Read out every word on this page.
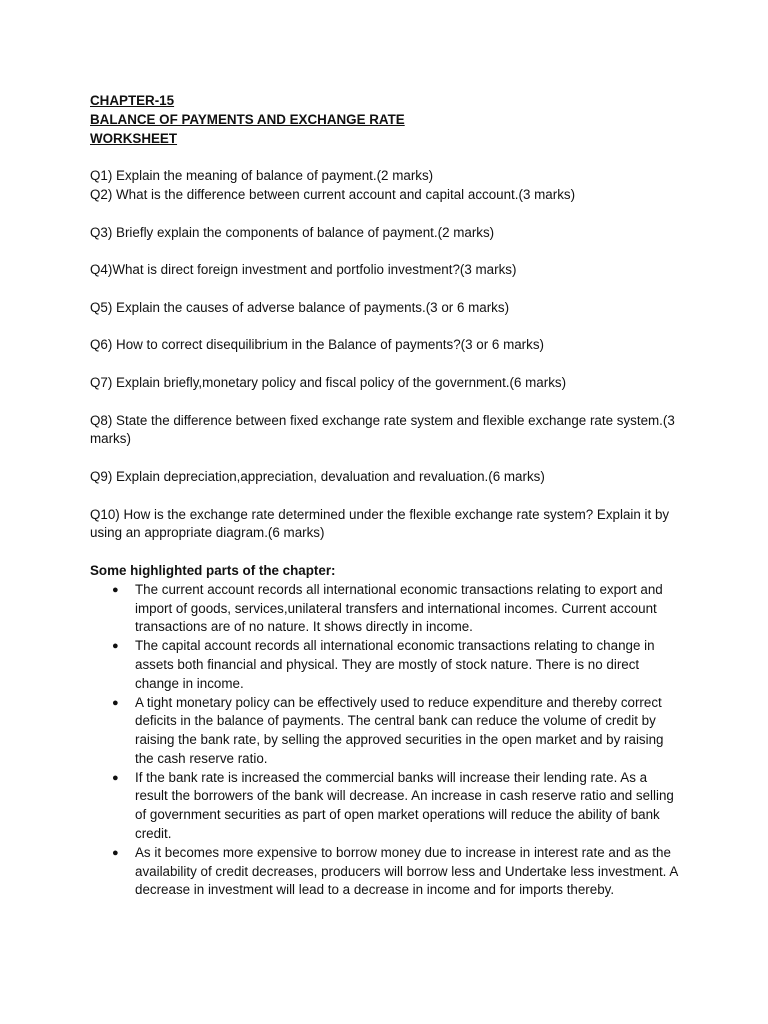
CHAPTER-15

BALANCE OF PAYMENTS AND EXCHANGE RATE

WORKSHEET

Q1) Explain the meaning of balance of payment.(2 marks)

Q2) What is the difference between current account and capital account.(3 marks)

Q3) Briefly explain the components of balance of payment.(2 marks)

Q4)What is direct foreign investment and portfolio investment?(3 marks)

Q5) Explain the causes of adverse balance of payments.(3 or 6 marks)

Q6) How to correct disequilibrium in the Balance of payments?(3 or 6 marks)

Q7) Explain briefly,monetary policy and fiscal policy of the government.(6 marks)

Q8) State the difference between fixed exchange rate system and flexible exchange rate system.(3 marks)

Q9) Explain depreciation,appreciation, devaluation and revaluation.(6 marks)

Q10) How is the exchange rate determined under the flexible exchange rate system? Explain it by using an appropriate diagram.(6 marks)

Some highlighted parts of the chapter:

● The current account records all international economic transactions relating to export and import of goods, services,unilateral transfers and international incomes. Current account transactions are of no nature. It shows directly in income.
● The capital account records all international economic transactions relating to change in assets both financial and physical. They are mostly of stock nature. There is no direct change in income.
● A tight monetary policy can be effectively used to reduce expenditure and thereby correct deficits in the balance of payments. The central bank can reduce the volume of credit by raising the bank rate, by selling the approved securities in the open market and by raising the cash reserve ratio.
● If the bank rate is increased the commercial banks will increase their lending rate. As a result the borrowers of the bank will decrease. An increase in cash reserve ratio and selling of government securities as part of open market operations will reduce the ability of bank credit.
● As it becomes more expensive to borrow money due to increase in interest rate and as the availability of credit decreases, producers will borrow less and Undertake less investment. A decrease in investment will lead to a decrease in income and for imports thereby.
